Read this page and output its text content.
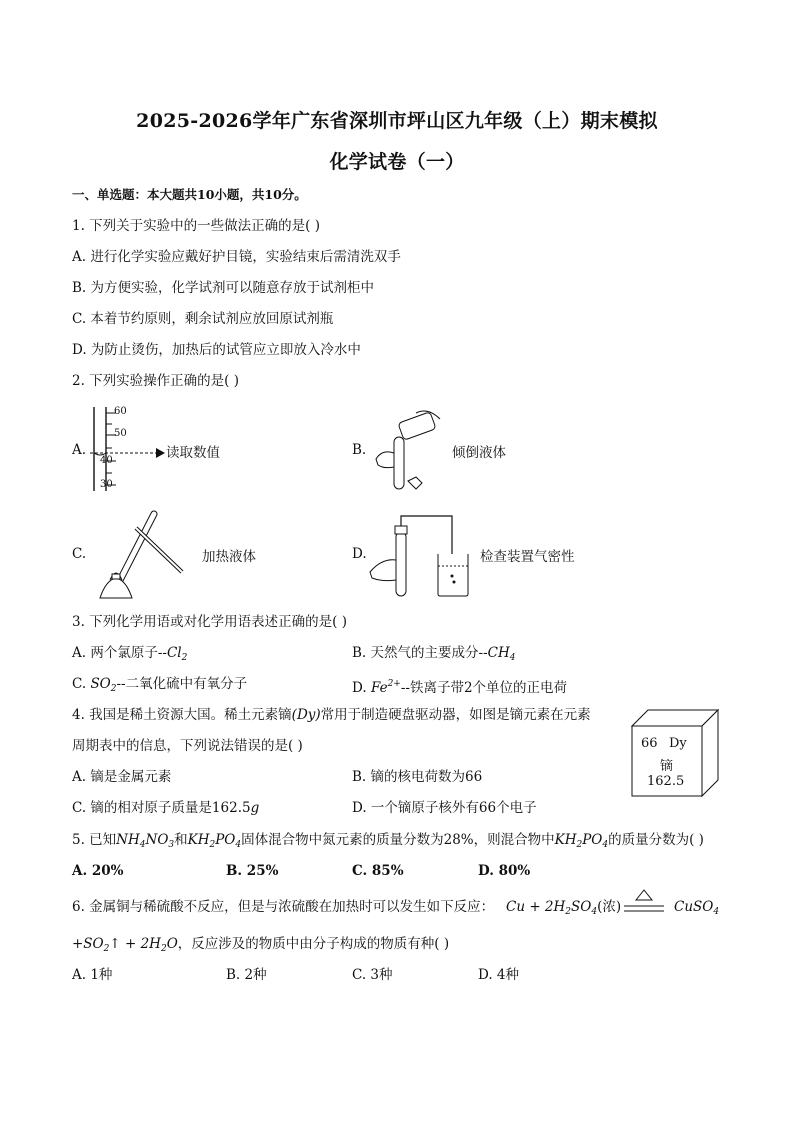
2025-2026学年广东省深圳市坪山区九年级（上）期末模拟
化学试卷（一）
一、单选题：本大题共10小题，共10分。
1. 下列关于实验中的一些做法正确的是( )
A. 进行化学实验应戴好护目镜，实验结束后需清洗双手
B. 为方便实验，化学试剂可以随意存放于试剂柜中
C. 本着节约原则，剩余试剂应放回原试剂瓶
D. 为防止烫伤，加热后的试管应立即放入冷水中
2. 下列实验操作正确的是( )
A.
60
50
40
30
读取数值	B.	倾倒液体
C.	加热液体	D.	检查装置气密性
3. 下列化学用语或对化学用语表述正确的是( )
A. 两个氯原子$--Cl_2$	B. 天然气的主要成分$--CH_4$
C. $SO_2--$二氧化硫中有氧分子	D. $Fe^{2+}--$铁离子带2个单位的正电荷
4. 我国是稀土资源大国。稀土元素镝(Dy)常用于制造硬盘驱动器，如图是镝元素在元素
周期表中的信息，下列说法错误的是( )
A. 镝是金属元素	B. 镝的核电荷数为66
C. 镝的相对原子质量是162.5g	D. 一个镝原子核外有66个电子
66 Dy
镝
162.5
5. 已知$NH_4NO_3$和$KH_2PO_4$固体混合物中氮元素的质量分数为28%，则混合物中$KH_2PO_4$的质量分数为( )
A. 20%	B. 25%	C. 85%	D. 80%
6. 金属铜与稀硫酸不反应，但是与浓硫酸在加热时可以发生如下反应： $Cu + 2H_2SO_4$(浓)	CuSO$_4$
$+SO_2↑ + 2H_2O$，反应涉及的物质中由分子构成的物质有种( )
A. 1种	B. 2种	C. 3种	D. 4种
